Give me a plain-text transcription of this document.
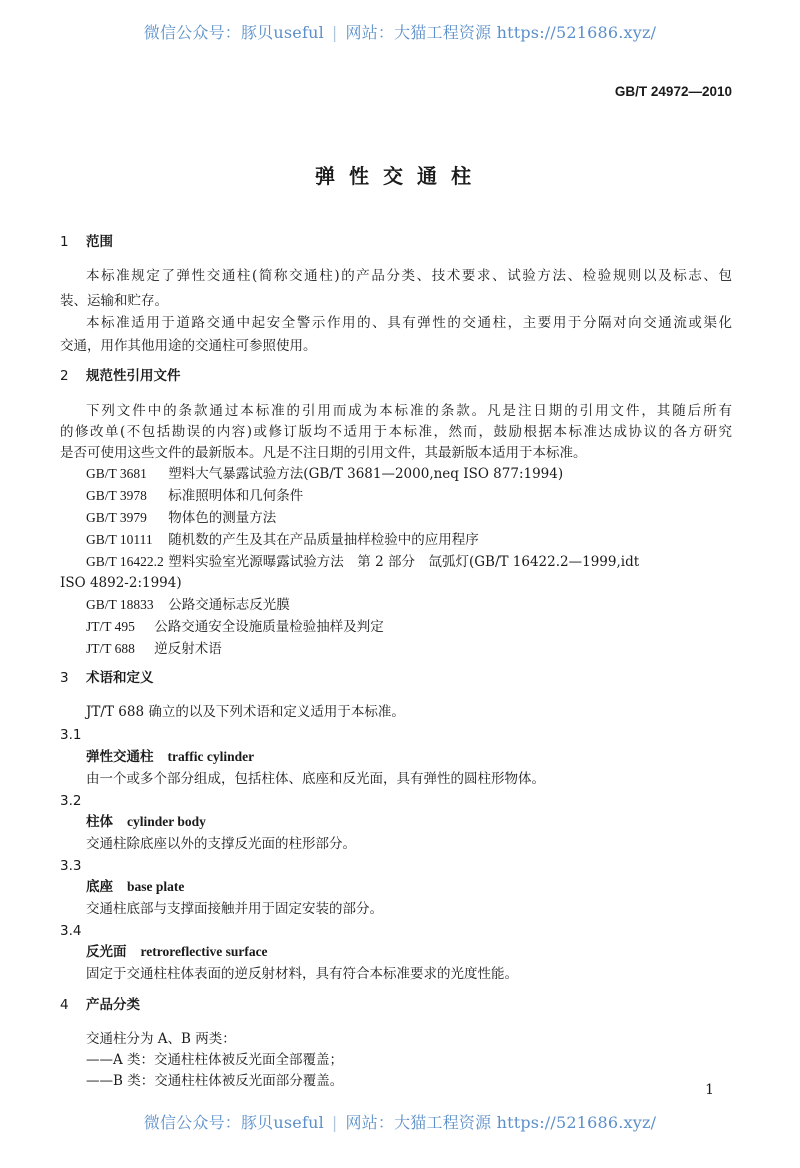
微信公众号：豚贝useful | 网站：大猫工程资源 https://521686.xyz/
GB/T 24972—2010
弹性交通柱
1 范围
本标准规定了弹性交通柱(简称交通柱)的产品分类、技术要求、试验方法、检验规则以及标志、包
装、运输和贮存。
本标准适用于道路交通中起安全警示作用的、具有弹性的交通柱，主要用于分隔对向交通流或渠化
交通，用作其他用途的交通柱可参照使用。
2 规范性引用文件
下列文件中的条款通过本标准的引用而成为本标准的条款。凡是注日期的引用文件，其随后所有
的修改单(不包括勘误的内容)或修订版均不适用于本标准，然而，鼓励根据本标准达成协议的各方研究
是否可使用这些文件的最新版本。凡是不注日期的引用文件，其最新版本适用于本标准。
GB/T 3681 塑料大气暴露试验方法(GB/T 3681—2000,neq ISO 877:1994)
GB/T 3978 标准照明体和几何条件
GB/T 3979 物体色的测量方法
GB/T 10111 随机数的产生及其在产品质量抽样检验中的应用程序
GB/T 16422.2 塑料实验室光源曝露试验方法　第 2 部分　氙弧灯(GB/T 16422.2—1999,idt
ISO 4892-2:1994)
GB/T 18833 公路交通标志反光膜
JT/T 495 公路交通安全设施质量检验抽样及判定
JT/T 688 逆反射术语
3 术语和定义
JT/T 688 确立的以及下列术语和定义适用于本标准。
3.1
弹性交通柱 traffic cylinder
由一个或多个部分组成，包括柱体、底座和反光面，具有弹性的圆柱形物体。
3.2
柱体 cylinder body
交通柱除底座以外的支撑反光面的柱形部分。
3.3
底座 base plate
交通柱底部与支撑面接触并用于固定安装的部分。
3.4
反光面 retroreflective surface
固定于交通柱柱体表面的逆反射材料，具有符合本标准要求的光度性能。
4 产品分类
交通柱分为 A、B 两类：
——A 类：交通柱柱体被反光面全部覆盖；
——B 类：交通柱柱体被反光面部分覆盖。
1
微信公众号：豚贝useful | 网站：大猫工程资源 https://521686.xyz/
